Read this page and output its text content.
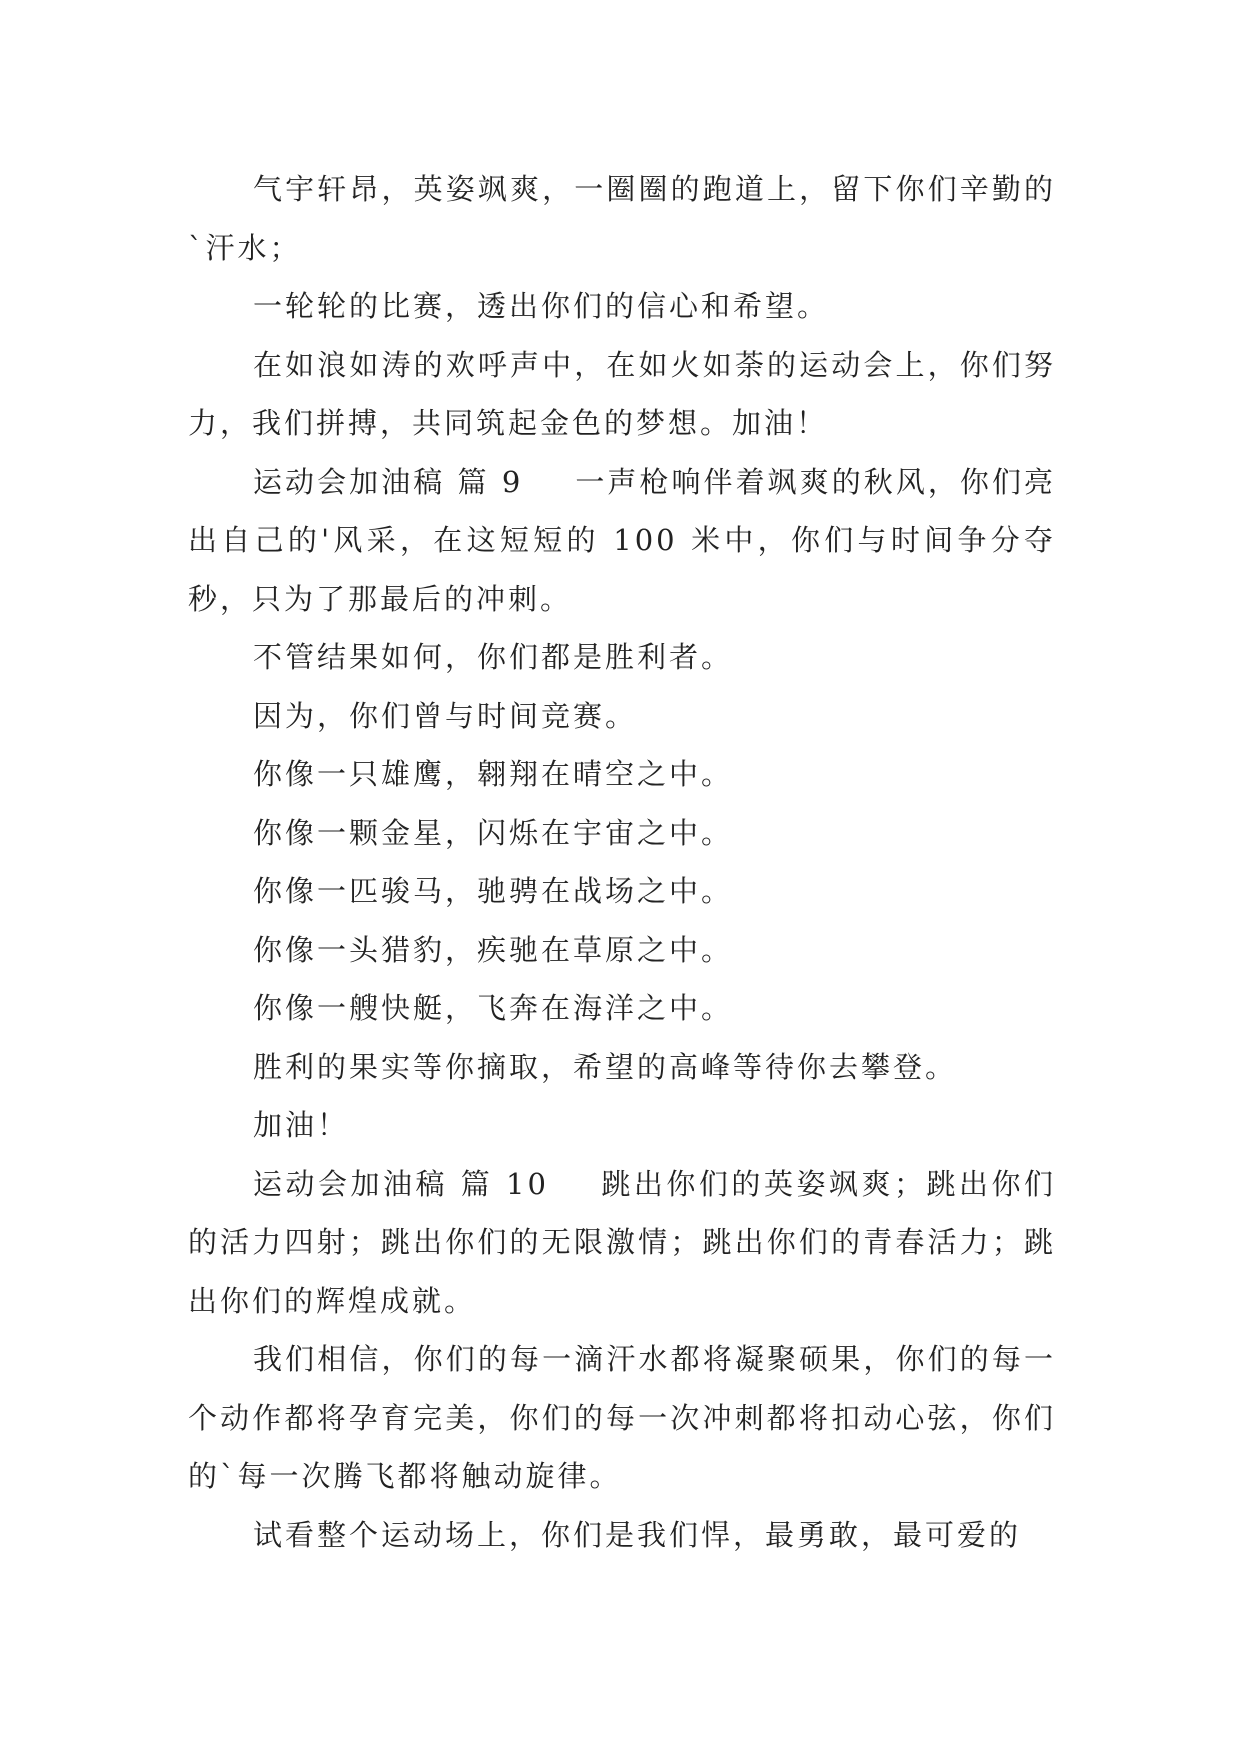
气宇轩昂，英姿飒爽，一圈圈的跑道上，留下你们辛勤的`汗水；

一轮轮的比赛，透出你们的信心和希望。

在如浪如涛的欢呼声中，在如火如荼的运动会上，你们努力，我们拼搏，共同筑起金色的梦想。加油！

运动会加油稿 篇 9 一声枪响伴着飒爽的秋风，你们亮出自己的'风采，在这短短的 100 米中，你们与时间争分夺秒，只为了那最后的冲刺。

不管结果如何，你们都是胜利者。

因为，你们曾与时间竞赛。

你像一只雄鹰，翱翔在晴空之中。

你像一颗金星，闪烁在宇宙之中。

你像一匹骏马，驰骋在战场之中。

你像一头猎豹，疾驰在草原之中。

你像一艘快艇，飞奔在海洋之中。

胜利的果实等你摘取，希望的高峰等待你去攀登。

加油！

运动会加油稿 篇 10 跳出你们的英姿飒爽；跳出你们的活力四射；跳出你们的无限激情；跳出你们的青春活力；跳出你们的辉煌成就。

我们相信，你们的每一滴汗水都将凝聚硕果，你们的每一个动作都将孕育完美，你们的每一次冲刺都将扣动心弦，你们的`每一次腾飞都将触动旋律。

试看整个运动场上，你们是我们悍，最勇敢，最可爱的
